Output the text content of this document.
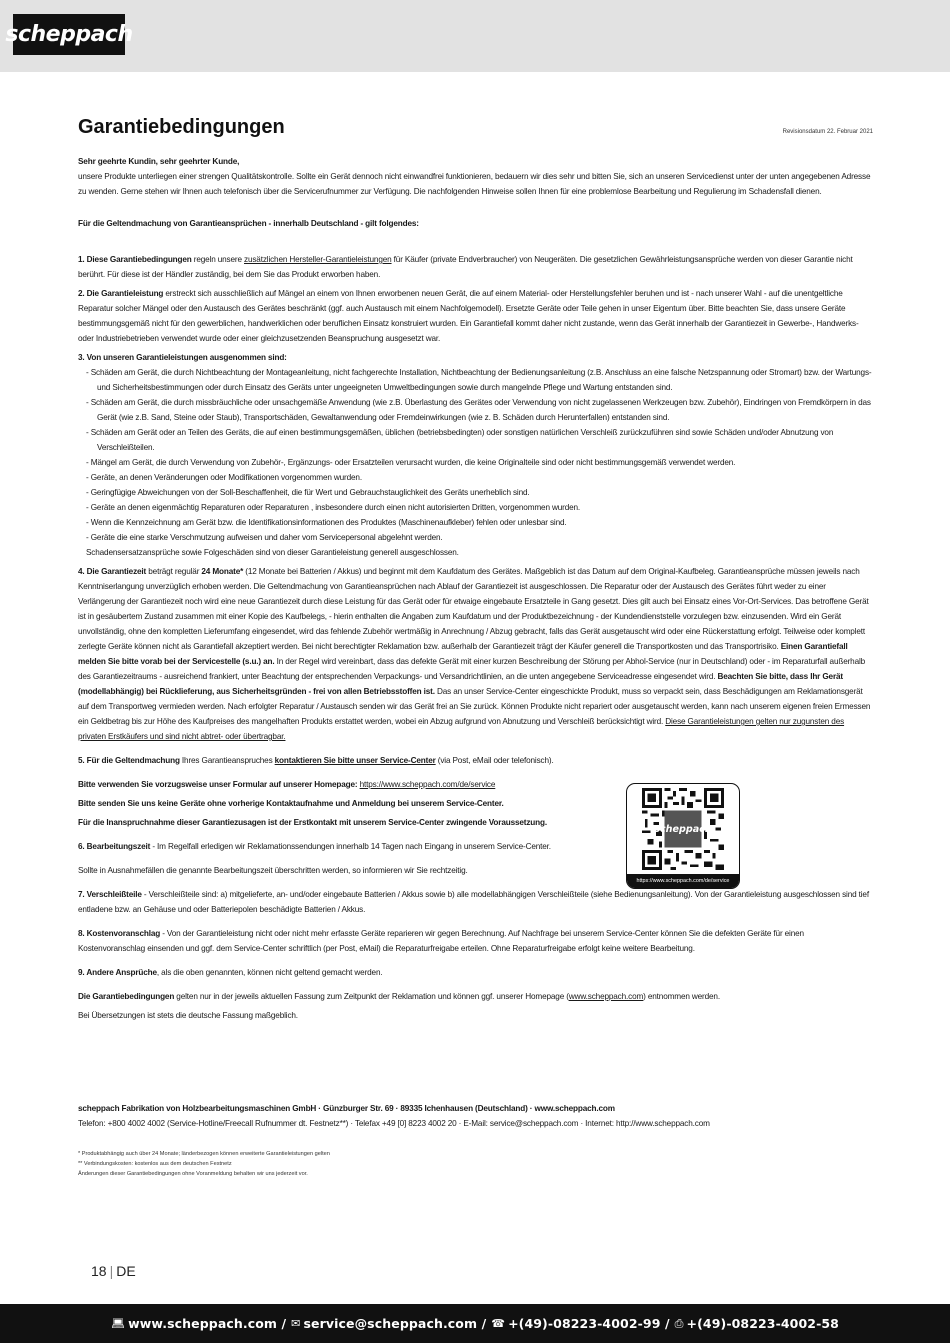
scheppach
Garantiebedingungen	Revisionsdatum 22. Februar 2021

Sehr geehrte Kundin, sehr geehrter Kunde,

unsere Produkte unterliegen einer strengen Qualitätskontrolle. Sollte ein Gerät dennoch nicht einwandfrei funktionieren, bedauern wir dies sehr und bitten Sie, sich an unseren Servicedienst unter der unten angegebenen Adresse zu wenden. Gerne stehen wir Ihnen auch telefonisch über die Servicerufnummer zur Verfügung. Die nachfolgenden Hinweise sollen Ihnen für eine problemlose Bearbeitung und Regulierung im Schadensfall dienen.

Für die Geltendmachung von Garantieansprüchen - innerhalb Deutschland - gilt folgendes:

1. Diese Garantiebedingungen regeln unsere zusätzlichen Hersteller-Garantieleistungen für Käufer (private Endverbraucher) von Neugeräten. Die gesetzlichen Gewährleistungsansprüche werden von dieser Garantie nicht berührt. Für diese ist der Händler zuständig, bei dem Sie das Produkt erworben haben.

2. Die Garantieleistung erstreckt sich ausschließlich auf Mängel an einem von Ihnen erworbenen neuen Gerät, die auf einem Material- oder Herstellungsfehler beruhen und ist - nach unserer Wahl - auf die unentgeltliche Reparatur solcher Mängel oder den Austausch des Gerätes beschränkt (ggf. auch Austausch mit einem Nachfolgemodell). Ersetzte Geräte oder Teile gehen in unser Eigentum über. Bitte beachten Sie, dass unsere Geräte bestimmungsgemäß nicht für den gewerblichen, handwerklichen oder beruflichen Einsatz konstruiert wurden. Ein Garantiefall kommt daher nicht zustande, wenn das Gerät innerhalb der Garantiezeit in Gewerbe-, Handwerks- oder Industriebetrieben verwendet wurde oder einer gleichzusetzenden Beanspruchung ausgesetzt war.

3. Von unseren Garantieleistungen ausgenommen sind:

- Schäden am Gerät, die durch Nichtbeachtung der Montageanleitung, nicht fachgerechte Installation, Nichtbeachtung der Bedienungsanleitung (z.B. Anschluss an eine falsche Netzspannung oder Stromart) bzw. der Wartungs- und Sicherheitsbestimmungen oder durch Einsatz des Geräts unter ungeeigneten Umweltbedingungen sowie durch mangelnde Pflege und Wartung entstanden sind.
- Schäden am Gerät, die durch missbräuchliche oder unsachgemäße Anwendung (wie z.B. Überlastung des Gerätes oder Verwendung von nicht zugelassenen Werkzeugen bzw. Zubehör), Eindringen von Fremdkörpern in das Gerät (wie z.B. Sand, Steine oder Staub), Transportschäden, Gewaltanwendung oder Fremdeinwirkungen (wie z. B. Schäden durch Herunterfallen) entstanden sind.
- Schäden am Gerät oder an Teilen des Geräts, die auf einen bestimmungsgemäßen, üblichen (betriebsbedingten) oder sonstigen natürlichen Verschleiß zurückzuführen sind sowie Schäden und/oder Abnutzung von Verschleißteilen.
- Mängel am Gerät, die durch Verwendung von Zubehör-, Ergänzungs- oder Ersatzteilen verursacht wurden, die keine Originalteile sind oder nicht bestimmungsgemäß verwendet werden.
- Geräte, an denen Veränderungen oder Modifikationen vorgenommen wurden.
- Geringfügige Abweichungen von der Soll-Beschaffenheit, die für Wert und Gebrauchstauglichkeit des Geräts unerheblich sind.
- Geräte an denen eigenmächtig Reparaturen oder Reparaturen , insbesondere durch einen nicht autorisierten Dritten, vorgenommen wurden.
- Wenn die Kennzeichnung am Gerät bzw. die Identifikationsinformationen des Produktes (Maschinenaufkleber) fehlen oder unlesbar sind.
- Geräte die eine starke Verschmutzung aufweisen und daher vom Servicepersonal abgelehnt werden.

Schadensersatzansprüche sowie Folgeschäden sind von dieser Garantieleistung generell ausgeschlossen.

4. Die Garantiezeit beträgt regulär 24 Monate* (12 Monate bei Batterien / Akkus) und beginnt mit dem Kaufdatum des Gerätes. Maßgeblich ist das Datum auf dem Original-Kaufbeleg. Garantieansprüche müssen jeweils nach Kenntniserlangung unverzüglich erhoben werden. Die Geltendmachung von Garantieansprüchen nach Ablauf der Garantiezeit ist ausgeschlossen. Die Reparatur oder der Austausch des Gerätes führt weder zu einer Verlängerung der Garantiezeit noch wird eine neue Garantiezeit durch diese Leistung für das Gerät oder für etwaige eingebaute Ersatzteile in Gang gesetzt. Dies gilt auch bei Einsatz eines Vor-Ort-Services. Das betroffene Gerät ist in gesäubertem Zustand zusammen mit einer Kopie des Kaufbelegs, - hierin enthalten die Angaben zum Kaufdatum und der Produktbezeichnung - der Kundendienststelle vorzulegen bzw. einzusenden. Wird ein Gerät unvollständig, ohne den kompletten Lieferumfang eingesendet, wird das fehlende Zubehör wertmäßig in Anrechnung / Abzug gebracht, falls das Gerät ausgetauscht wird oder eine Rückerstattung erfolgt. Teilweise oder komplett zerlegte Geräte können nicht als Garantiefall akzeptiert werden. Bei nicht berechtigter Reklamation bzw. außerhalb der Garantiezeit trägt der Käufer generell die Transportkosten und das Transportrisiko. Einen Garantiefall melden Sie bitte vorab bei der Servicestelle (s.u.) an. In der Regel wird vereinbart, dass das defekte Gerät mit einer kurzen Beschreibung der Störung per Abhol-Service (nur in Deutschland) oder - im Reparaturfall außerhalb des Garantiezeitraums - ausreichend frankiert, unter Beachtung der entsprechenden Verpackungs- und Versandrichtlinien, an die unten angegebene Serviceadresse eingesendet wird. Beachten Sie bitte, dass Ihr Gerät (modellabhängig) bei Rücklieferung, aus Sicherheitsgründen - frei von allen Betriebsstoffen ist. Das an unser Service-Center eingeschickte Produkt, muss so verpackt sein, dass Beschädigungen am Reklamationsgerät auf dem Transportweg vermieden werden. Nach erfolgter Reparatur / Austausch senden wir das Gerät frei an Sie zurück. Können Produkte nicht repariert oder ausgetauscht werden, kann nach unserem eigenen freien Ermessen ein Geldbetrag bis zur Höhe des Kaufpreises des mangelhaften Produkts erstattet werden, wobei ein Abzug aufgrund von Abnutzung und Verschleiß berücksichtigt wird. Diese Garantieleistungen gelten nur zugunsten des privaten Erstkäufers und sind nicht abtret- oder übertragbar.

5. Für die Geltendmachung Ihres Garantieanspruches kontaktieren Sie bitte unser Service-Center (via Post, eMail oder telefonisch).

Bitte verwenden Sie vorzugsweise unser Formular auf unserer Homepage: https://www.scheppach.com/de/service

Bitte senden Sie uns keine Geräte ohne vorherige Kontaktaufnahme und Anmeldung bei unserem Service-Center.

Für die Inanspruchnahme dieser Garantiezusagen ist der Erstkontakt mit unserem Service-Center zwingende Voraussetzung.

6. Bearbeitungszeit - Im Regelfall erledigen wir Reklamationssendungen innerhalb 14 Tagen nach Eingang in unserem Service-Center.

Sollte in Ausnahmefällen die genannte Bearbeitungszeit überschritten werden, so informieren wir Sie rechtzeitig.

7. Verschleißteile - Verschleißteile sind: a) mitgelieferte, an- und/oder eingebaute Batterien / Akkus sowie b) alle modellabhängigen Verschleißteile (siehe Bedienungsanleitung). Von der Garantieleistung ausgeschlossen sind tief entladene bzw. an Gehäuse und oder Batteriepolen beschädigte Batterien / Akkus.

8. Kostenvoranschlag - Von der Garantieleistung nicht oder nicht mehr erfasste Geräte reparieren wir gegen Berechnung. Auf Nachfrage bei unserem Service-Center können Sie die defekten Geräte für einen Kostenvoranschlag einsenden und ggf. dem Service-Center schriftlich (per Post, eMail) die Reparaturfreigabe erteilen. Ohne Reparaturfreigabe erfolgt keine weitere Bearbeitung.

9. Andere Ansprüche, als die oben genannten, können nicht geltend gemacht werden.

Die Garantiebedingungen gelten nur in der jeweils aktuellen Fassung zum Zeitpunkt der Reklamation und können ggf. unserer Homepage (www.scheppach.com) entnommen werden.

Bei Übersetzungen ist stets die deutsche Fassung maßgeblich.

scheppach
https://www.scheppach.com/de/service

scheppach Fabrikation von Holzbearbeitungsmaschinen GmbH · Günzburger Str. 69 · 89335 Ichenhausen (Deutschland) · www.scheppach.com

Telefon: +800 4002 4002 (Service-Hotline/Freecall Rufnummer dt. Festnetz**) · Telefax +49 [0] 8223 4002 20 · E-Mail: service@scheppach.com · Internet: http://www.scheppach.com

* Produktabhängig auch über 24 Monate; länderbezogen können erweiterte Garantieleistungen gelten
** Verbindungskosten: kostenlos aus dem deutschen Festnetz
Änderungen dieser Garantiebedingungen ohne Voranmeldung behalten wir uns jederzeit vor.
18 | DE
💻︎ www.scheppach.com / ✉ service@scheppach.com / ☎ +(49)-08223-4002-99 / ⎙ +(49)-08223-4002-58
